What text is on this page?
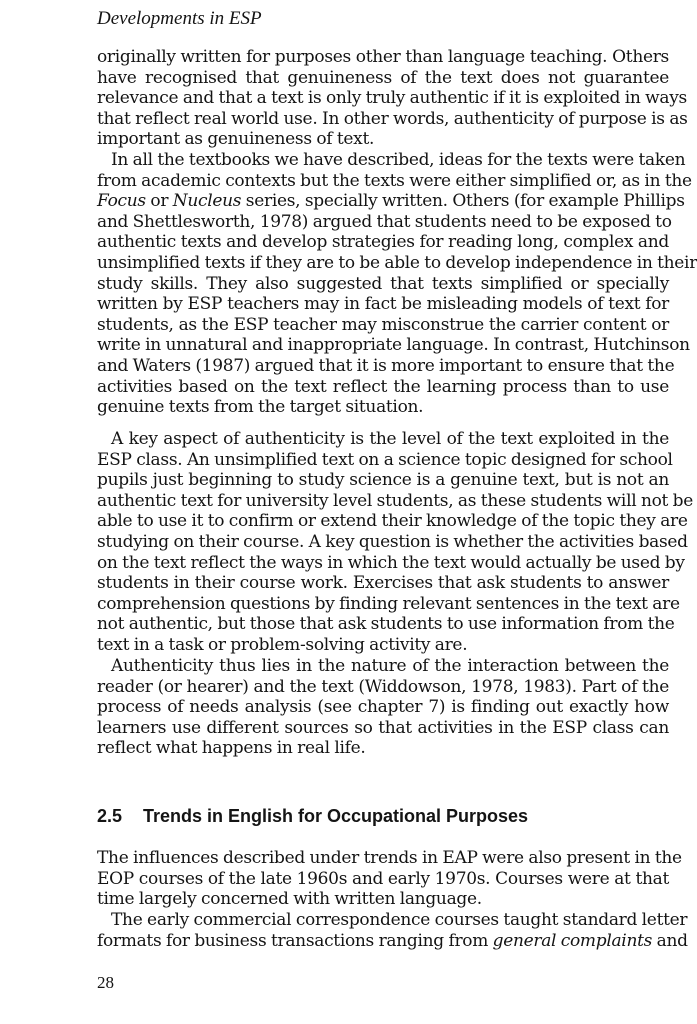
Developments in ESP

originally written for purposes other than language teaching. Others
have recognised that genuineness of the text does not guarantee
relevance and that a text is only truly authentic if it is exploited in ways
that reflect real world use. In other words, authenticity of purpose is as
important as genuineness of text.

In all the textbooks we have described, ideas for the texts were taken
from academic contexts but the texts were either simplified or, as in the
Focus or Nucleus series, specially written. Others (for example Phillips
and Shettlesworth, 1978) argued that students need to be exposed to
authentic texts and develop strategies for reading long, complex and
unsimplified texts if they are to be able to develop independence in their
study skills. They also suggested that texts simplified or specially
written by ESP teachers may in fact be misleading models of text for
students, as the ESP teacher may misconstrue the carrier content or
write in unnatural and inappropriate language. In contrast, Hutchinson
and Waters (1987) argued that it is more important to ensure that the
activities based on the text reflect the learning process than to use
genuine texts from the target situation.

A key aspect of authenticity is the level of the text exploited in the
ESP class. An unsimplified text on a science topic designed for school
pupils just beginning to study science is a genuine text, but is not an
authentic text for university level students, as these students will not be
able to use it to confirm or extend their knowledge of the topic they are
studying on their course. A key question is whether the activities based
on the text reflect the ways in which the text would actually be used by
students in their course work. Exercises that ask students to answer
comprehension questions by finding relevant sentences in the text are
not authentic, but those that ask students to use information from the
text in a task or problem-solving activity are.

Authenticity thus lies in the nature of the interaction between the
reader (or hearer) and the text (Widdowson, 1978, 1983). Part of the
process of needs analysis (see chapter 7) is finding out exactly how
learners use different sources so that activities in the ESP class can
reflect what happens in real life.

2.5 Trends in English for Occupational Purposes

The influences described under trends in EAP were also present in the
EOP courses of the late 1960s and early 1970s. Courses were at that
time largely concerned with written language.

The early commercial correspondence courses taught standard letter
formats for business transactions ranging from general complaints and

28
